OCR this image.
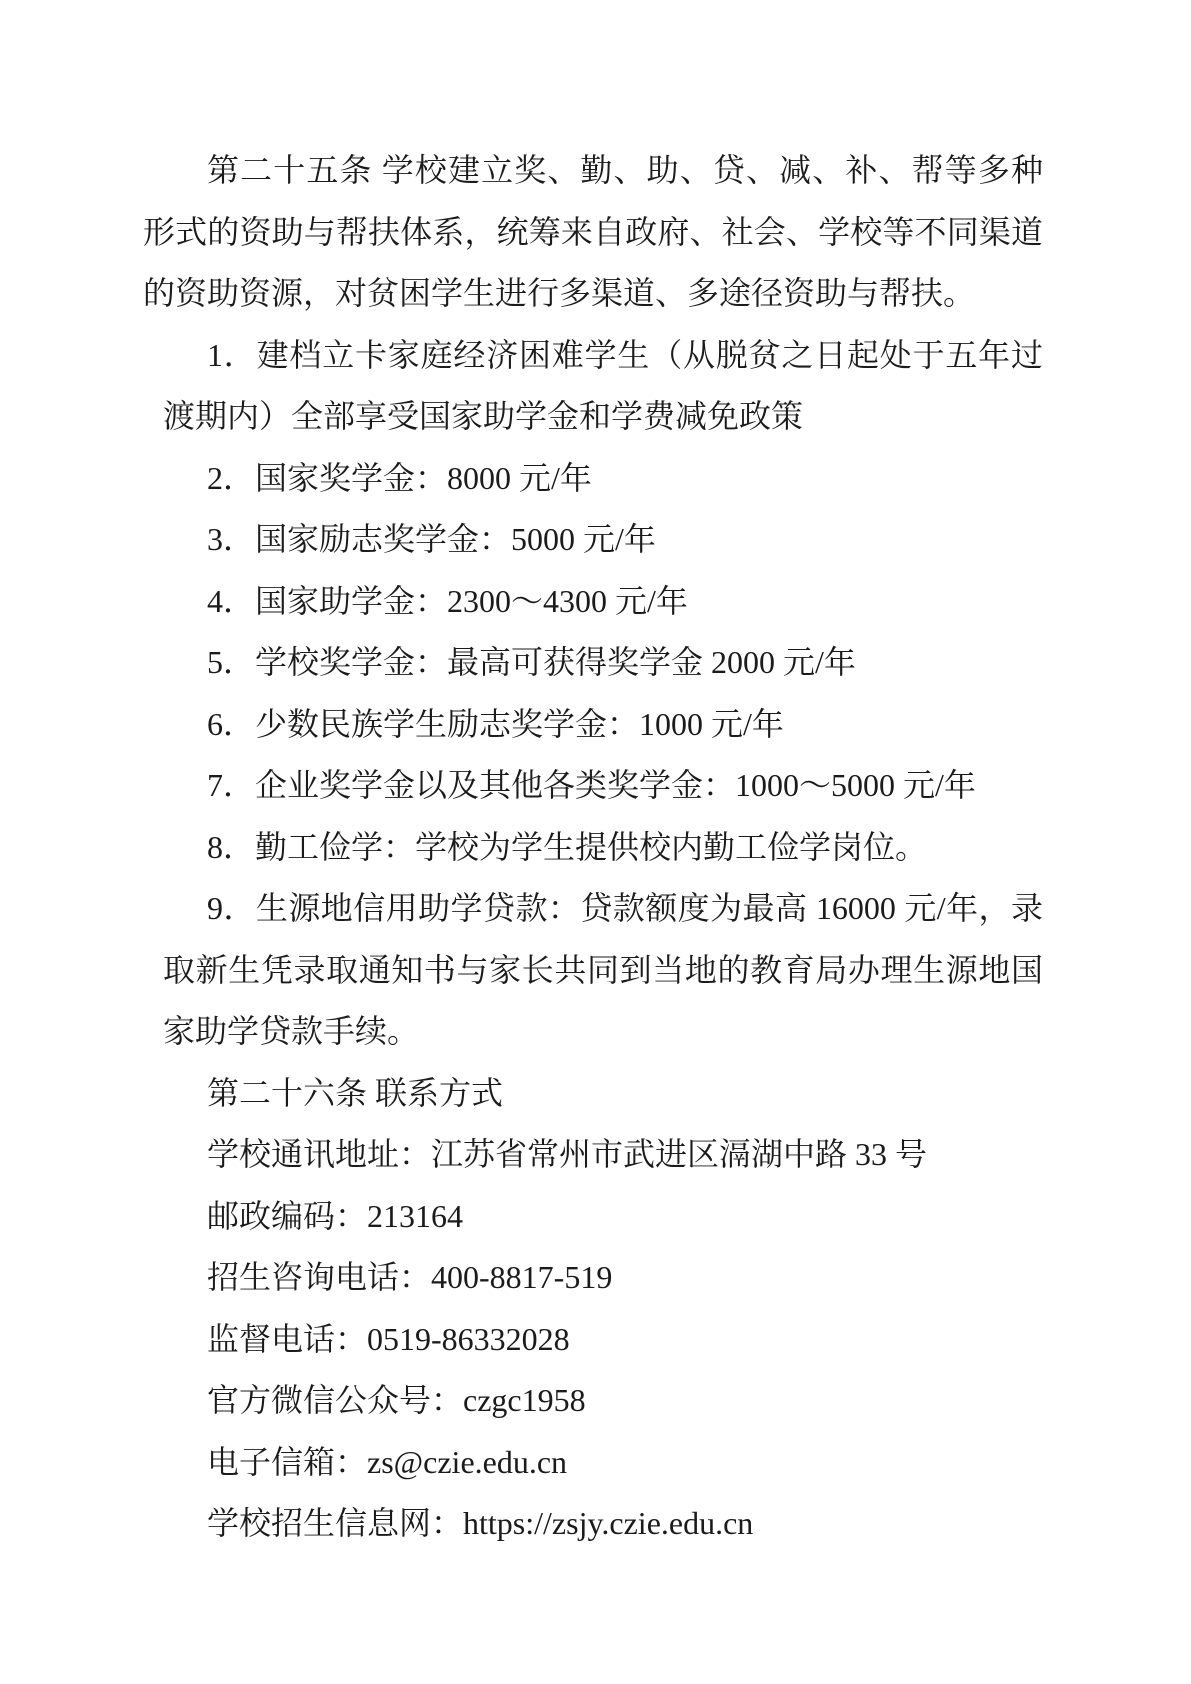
第二十五条 学校建立奖、勤、助、贷、减、补、帮等多种形式的资助与帮扶体系，统筹来自政府、社会、学校等不同渠道的资助资源，对贫困学生进行多渠道、多途径资助与帮扶。

1．建档立卡家庭经济困难学生（从脱贫之日起处于五年过渡期内）全部享受国家助学金和学费减免政策

2．国家奖学金：8000 元/年

3．国家励志奖学金：5000 元/年

4．国家助学金：2300～4300 元/年

5．学校奖学金：最高可获得奖学金 2000 元/年

6．少数民族学生励志奖学金：1000 元/年

7．企业奖学金以及其他各类奖学金：1000～5000 元/年

8．勤工俭学：学校为学生提供校内勤工俭学岗位。

9．生源地信用助学贷款：贷款额度为最高 16000 元/年，录取新生凭录取通知书与家长共同到当地的教育局办理生源地国家助学贷款手续。

第二十六条 联系方式

学校通讯地址：江苏省常州市武进区滆湖中路 33 号

邮政编码：213164

招生咨询电话：400-8817-519

监督电话：0519-86332028

官方微信公众号：czgc1958

电子信箱：zs@czie.edu.cn

学校招生信息网：https://zsjy.czie.edu.cn
